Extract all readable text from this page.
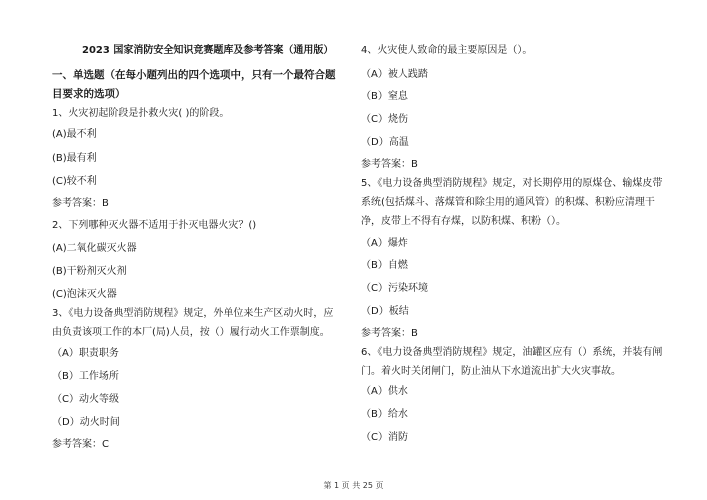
2023 国家消防安全知识竞赛题库及参考答案（通用版）
一、单选题（在每小题列出的四个选项中，只有一个最符合题目要求的选项）
1、火灾初起阶段是扑救火灾( )的阶段。
(A)最不利
(B)最有利
(C)较不利
参考答案：B
2、下列哪种灭火器不适用于扑灭电器火灾？()
(A)二氧化碳灭火器
(B)干粉剂灭火剂
(C)泡沫灭火器
3、《电力设备典型消防规程》规定，外单位来生产区动火时，应由负责该项工作的本厂(局)人员，按（）履行动火工作票制度。
（A）职责职务
（B）工作场所
（C）动火等级
（D）动火时间
参考答案：C
4、火灾使人致命的最主要原因是（）。
（A）被人践踏
（B）窒息
（C）烧伤
（D）高温
参考答案：B
5、《电力设备典型消防规程》规定，对长期停用的原煤仓、输煤皮带系统(包括煤斗、落煤管和除尘用的通风管）的积煤、积粉应清理干净，皮带上不得有存煤，以防积煤、积粉（）。
（A）爆炸
（B）自燃
（C）污染环境
（D）板结
参考答案：B
6、《电力设备典型消防规程》规定，油罐区应有（）系统，并装有闸门。着火时关闭闸门，防止油从下水道流出扩大火灾事故。
（A）供水
（B）给水
（C）消防
第 1 页 共 25 页
